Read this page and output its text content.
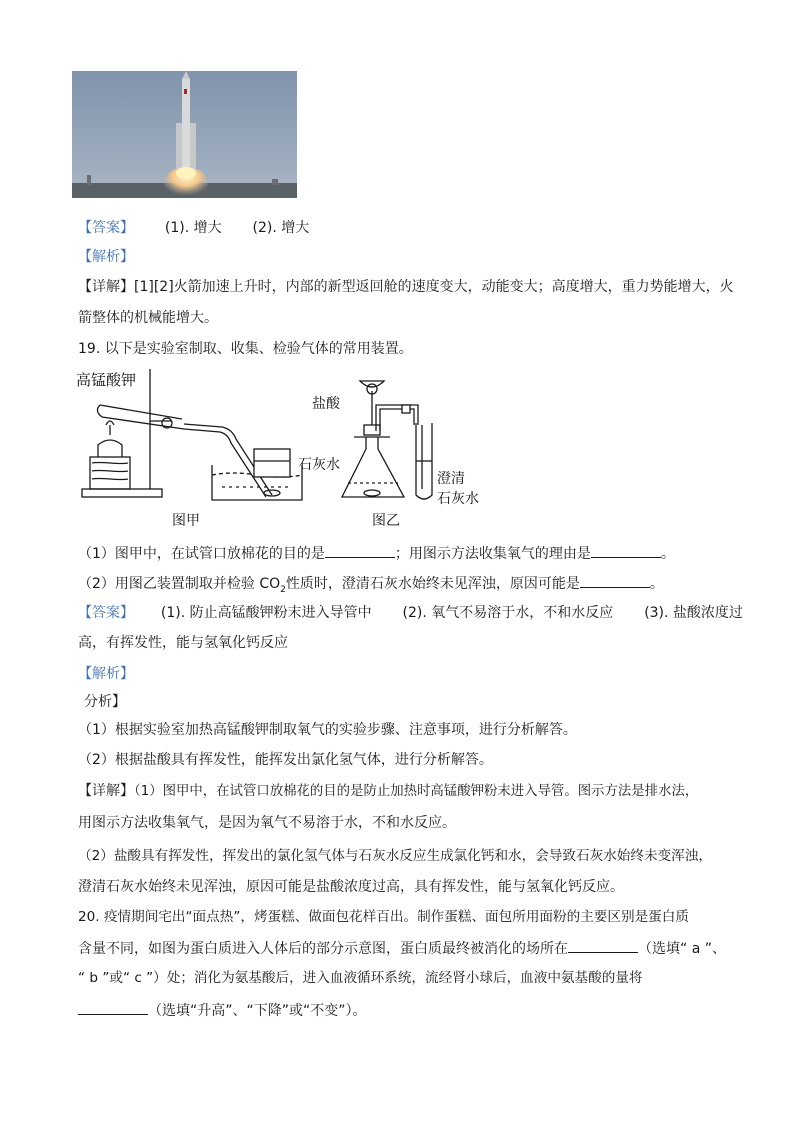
【答案】 (1). 增大 (2). 增大
【解析】
【详解】[1][2]火箭加速上升时，内部的新型返回舱的速度变大，动能变大；高度增大，重力势能增大，火
箭整体的机械能增大。
19. 以下是实验室制取、收集、检验气体的常用装置。
高锰酸钾
图甲
盐酸
石灰水
澄清
石灰水
图乙
（1）图甲中，在试管口放棉花的目的是	；用图示方法收集氧气的理由是	。
（2）用图乙装置制取并检验 $CO_2$性质时，澄清石灰水始终未见浑浊，原因可能是	。
【答案】 (1). 防止高锰酸钾粉末进入导管中 (2). 氧气不易溶于水，不和水反应 (3). 盐酸浓度过
高，有挥发性，能与氢氧化钙反应
【解析】
分析】
（1）根据实验室加热高锰酸钾制取氧气的实验步骤、注意事项，进行分析解答。
（2）根据盐酸具有挥发性，能挥发出氯化氢气体，进行分析解答。
【详解】（1）图甲中，在试管口放棉花的目的是防止加热时高锰酸钾粉末进入导管。图示方法是排水法，
用图示方法收集氧气，是因为氧气不易溶于水，不和水反应。
（2）盐酸具有挥发性，挥发出的氯化氢气体与石灰水反应生成氯化钙和水，会导致石灰水始终未变浑浊，
澄清石灰水始终未见浑浊，原因可能是盐酸浓度过高，具有挥发性，能与氢氧化钙反应。
20. 疫情期间宅出“面点热”，烤蛋糕、做面包花样百出。制作蛋糕、面包所用面粉的主要区别是蛋白质
含量不同，如图为蛋白质进入人体后的部分示意图，蛋白质最终被消化的场所在	（选填“ a ”、
“ b ”或“ c ”）处；消化为氨基酸后，进入血液循环系统，流经肾小球后，血液中氨基酸的量将
（选填“升高”、“下降”或“不变”）。
